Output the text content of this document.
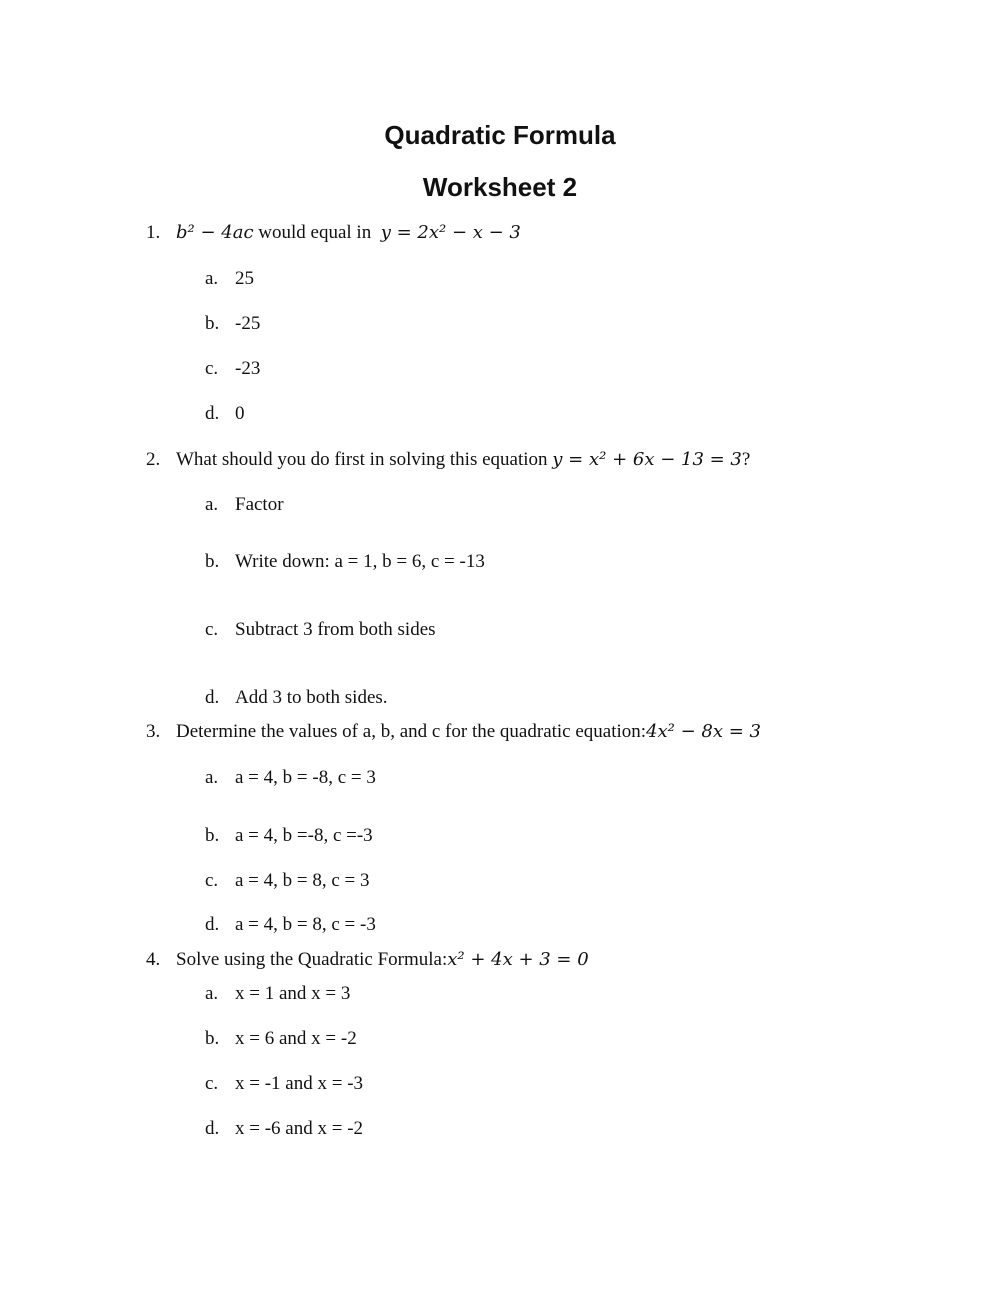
Quadratic Formula
Worksheet 2
1. b² − 4ac would equal in y = 2x² − x − 3
a. 25
b. -25
c. -23
d. 0
2. What should you do first in solving this equation y = x² + 6x − 13 = 3?
a. Factor
b. Write down: a = 1, b = 6, c = -13
c. Subtract 3 from both sides
d. Add 3 to both sides.
3. Determine the values of a, b, and c for the quadratic equation:4x² − 8x = 3
a. a = 4, b = -8, c = 3
b. a = 4, b =-8, c =-3
c. a = 4, b = 8, c = 3
d. a = 4, b = 8, c = -3
4. Solve using the Quadratic Formula:x² + 4x + 3 = 0
a. x = 1 and x = 3
b. x = 6 and x = -2
c. x = -1 and x = -3
d. x = -6 and x = -2
